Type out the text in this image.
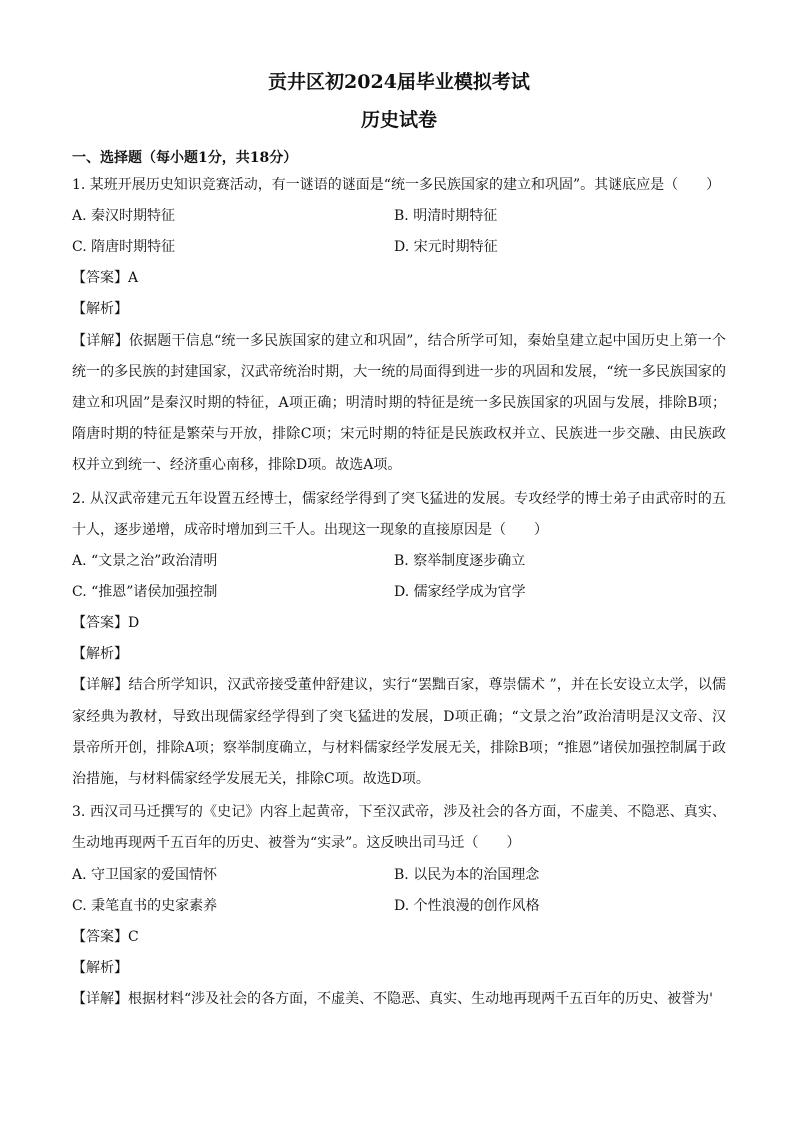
贡井区初2024届毕业模拟考试
历史试卷
一、选择题（每小题1分，共18分）

1. 某班开展历史知识竞赛活动，有一谜语的谜面是“统一多民族国家的建立和巩固”。其谜底应是（　　）

A. 秦汉时期特征	B. 明清时期特征
C. 隋唐时期特征	D. 宋元时期特征

【答案】A

【解析】

【详解】依据题干信息“统一多民族国家的建立和巩固”，结合所学可知，秦始皇建立起中国历史上第一个统一的多民族的封建国家，汉武帝统治时期，大一统的局面得到进一步的巩固和发展，“统一多民族国家的建立和巩固”是秦汉时期的特征，A项正确；明清时期的特征是统一多民族国家的巩固与发展，排除B项；隋唐时期的特征是繁荣与开放，排除C项；宋元时期的特征是民族政权并立、民族进一步交融、由民族政权并立到统一、经济重心南移，排除D项。故选A项。

2. 从汉武帝建元五年设置五经博士，儒家经学得到了突飞猛进的发展。专攻经学的博士弟子由武帝时的五十人，逐步递增，成帝时增加到三千人。出现这一现象的直接原因是（　　）

A. “文景之治”政治清明	B. 察举制度逐步确立
C. “推恩”诸侯加强控制	D. 儒家经学成为官学

【答案】D

【解析】

【详解】结合所学知识，汉武帝接受董仲舒建议，实行“罢黜百家，尊崇儒术 ”，并在长安设立太学，以儒家经典为教材，导致出现儒家经学得到了突飞猛进的发展，D项正确；“文景之治”政治清明是汉文帝、汉景帝所开创，排除A项；察举制度确立，与材料儒家经学发展无关，排除B项；“推恩”诸侯加强控制属于政治措施，与材料儒家经学发展无关，排除C项。故选D项。

3. 西汉司马迁撰写的《史记》内容上起黄帝，下至汉武帝，涉及社会的各方面，不虚美、不隐恶、真实、生动地再现两千五百年的历史、被誉为“实录”。这反映出司马迁（　　）

A. 守卫国家的爱国情怀	B. 以民为本的治国理念
C. 秉笔直书的史家素养	D. 个性浪漫的创作风格

【答案】C

【解析】

【详解】根据材料“涉及社会的各方面，不虚美、不隐恶、真实、生动地再现两千五百年的历史、被誉为'
